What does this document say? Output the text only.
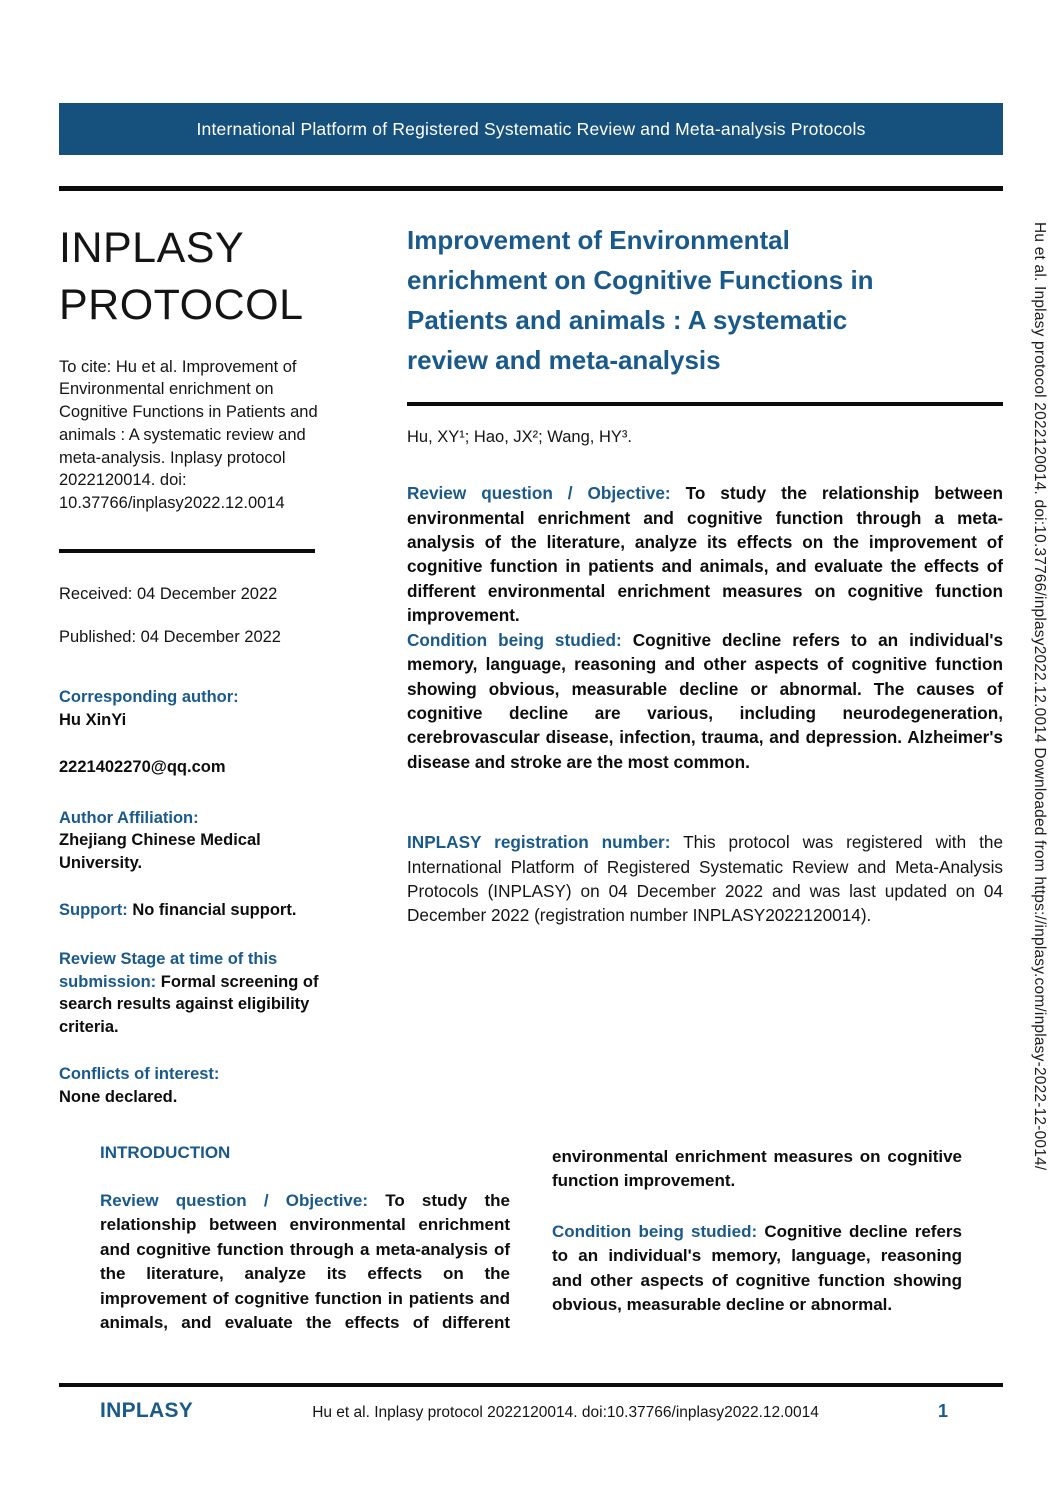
International Platform of Registered Systematic Review and Meta-analysis Protocols
INPLASY
PROTOCOL
To cite: Hu et al. Improvement of Environmental enrichment on Cognitive Functions in Patients and animals : A systematic review and meta-analysis. Inplasy protocol 2022120014. doi: 10.37766/inplasy2022.12.0014
Received: 04 December 2022
Published: 04 December 2022
Corresponding author:
Hu XinYi
2221402270@qq.com
Author Affiliation:
Zhejiang Chinese Medical University.
Support: No financial support.
Review Stage at time of this submission: Formal screening of search results against eligibility criteria.
Conflicts of interest:
None declared.
Improvement of Environmental
enrichment on Cognitive Functions in
Patients and animals : A systematic
review and meta-analysis
Hu, XY¹; Hao, JX²; Wang, HY³.
Review question / Objective: To study the relationship between environmental enrichment and cognitive function through a meta-analysis of the literature, analyze its effects on the improvement of cognitive function in patients and animals, and evaluate the effects of different environmental enrichment measures on cognitive function improvement.
Condition being studied: Cognitive decline refers to an individual's memory, language, reasoning and other aspects of cognitive function showing obvious, measurable decline or abnormal. The causes of cognitive decline are various, including neurodegeneration, cerebrovascular disease, infection, trauma, and depression. Alzheimer's disease and stroke are the most common.
INPLASY registration number: This protocol was registered with the International Platform of Registered Systematic Review and Meta-Analysis Protocols (INPLASY) on 04 December 2022 and was last updated on 04 December 2022 (registration number INPLASY2022120014).
INTRODUCTION

Review question / Objective: To study the relationship between environmental enrichment and cognitive function through a meta-analysis of the literature, analyze its effects on the improvement of cognitive function in patients and animals, and evaluate the effects of different

environmental enrichment measures on cognitive function improvement.

Condition being studied: Cognitive decline refers to an individual's memory, language, reasoning and other aspects of cognitive function showing obvious, measurable decline or abnormal.

INPLASY	Hu et al. Inplasy protocol 2022120014. doi:10.37766/inplasy2022.12.0014	1
Hu et al. Inplasy protocol 2022120014. doi:10.37766/inplasy2022.12.0014 Downloaded from https://inplasy.com/inplasy-2022-12-0014/
